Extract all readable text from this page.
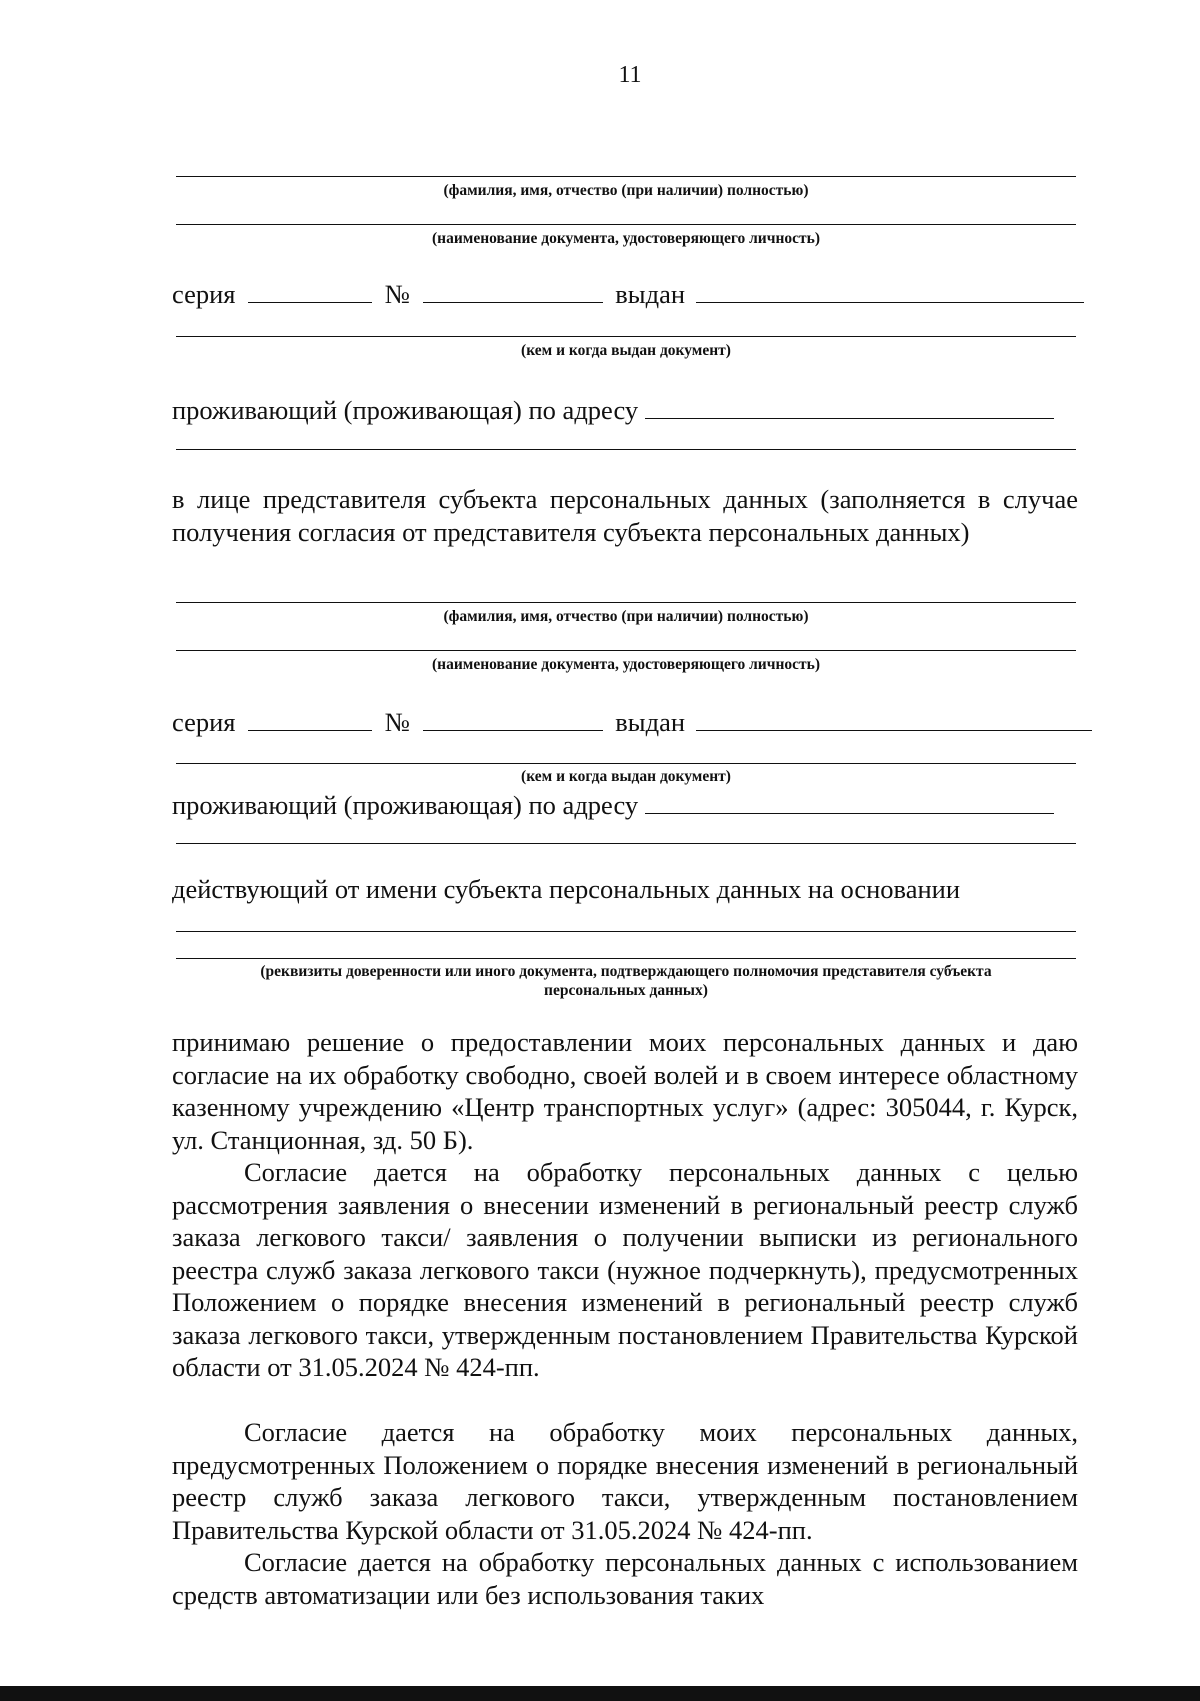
11
(фамилия, имя, отчество (при наличии) полностью)
(наименование документа, удостоверяющего личность)
серия	№	выдан
(кем и когда выдан документ)
проживающий (проживающая) по адресу
в лице представителя субъекта персональных данных (заполняется в случае получения согласия от представителя субъекта персональных данных)
(фамилия, имя, отчество (при наличии) полностью)
(наименование документа, удостоверяющего личность)
серия	№	выдан
(кем и когда выдан документ)
проживающий (проживающая) по адресу
действующий от имени субъекта персональных данных на основании
(реквизиты доверенности или иного документа, подтверждающего полномочия представителя субъекта персональных данных)
принимаю решение о предоставлении моих персональных данных и даю согласие на их обработку свободно, своей волей и в своем интересе областному казенному учреждению «Центр транспортных услуг» (адрес: 305044, г. Курск, ул. Станционная, зд. 50 Б).
Согласие дается на обработку персональных данных с целью рассмотрения заявления о внесении изменений в региональный реестр служб заказа легкового такси/ заявления о получении выписки из регионального реестра служб заказа легкового такси (нужное подчеркнуть), предусмотренных Положением о порядке внесения изменений в региональный реестр служб заказа легкового такси, утвержденным постановлением Правительства Курской области от 31.05.2024 № 424-пп.
Согласие дается на обработку моих персональных данных, предусмотренных Положением о порядке внесения изменений в региональный реестр служб заказа легкового такси, утвержденным постановлением Правительства Курской области от 31.05.2024 № 424-пп.
Согласие дается на обработку персональных данных с использованием средств автоматизации или без использования таких
